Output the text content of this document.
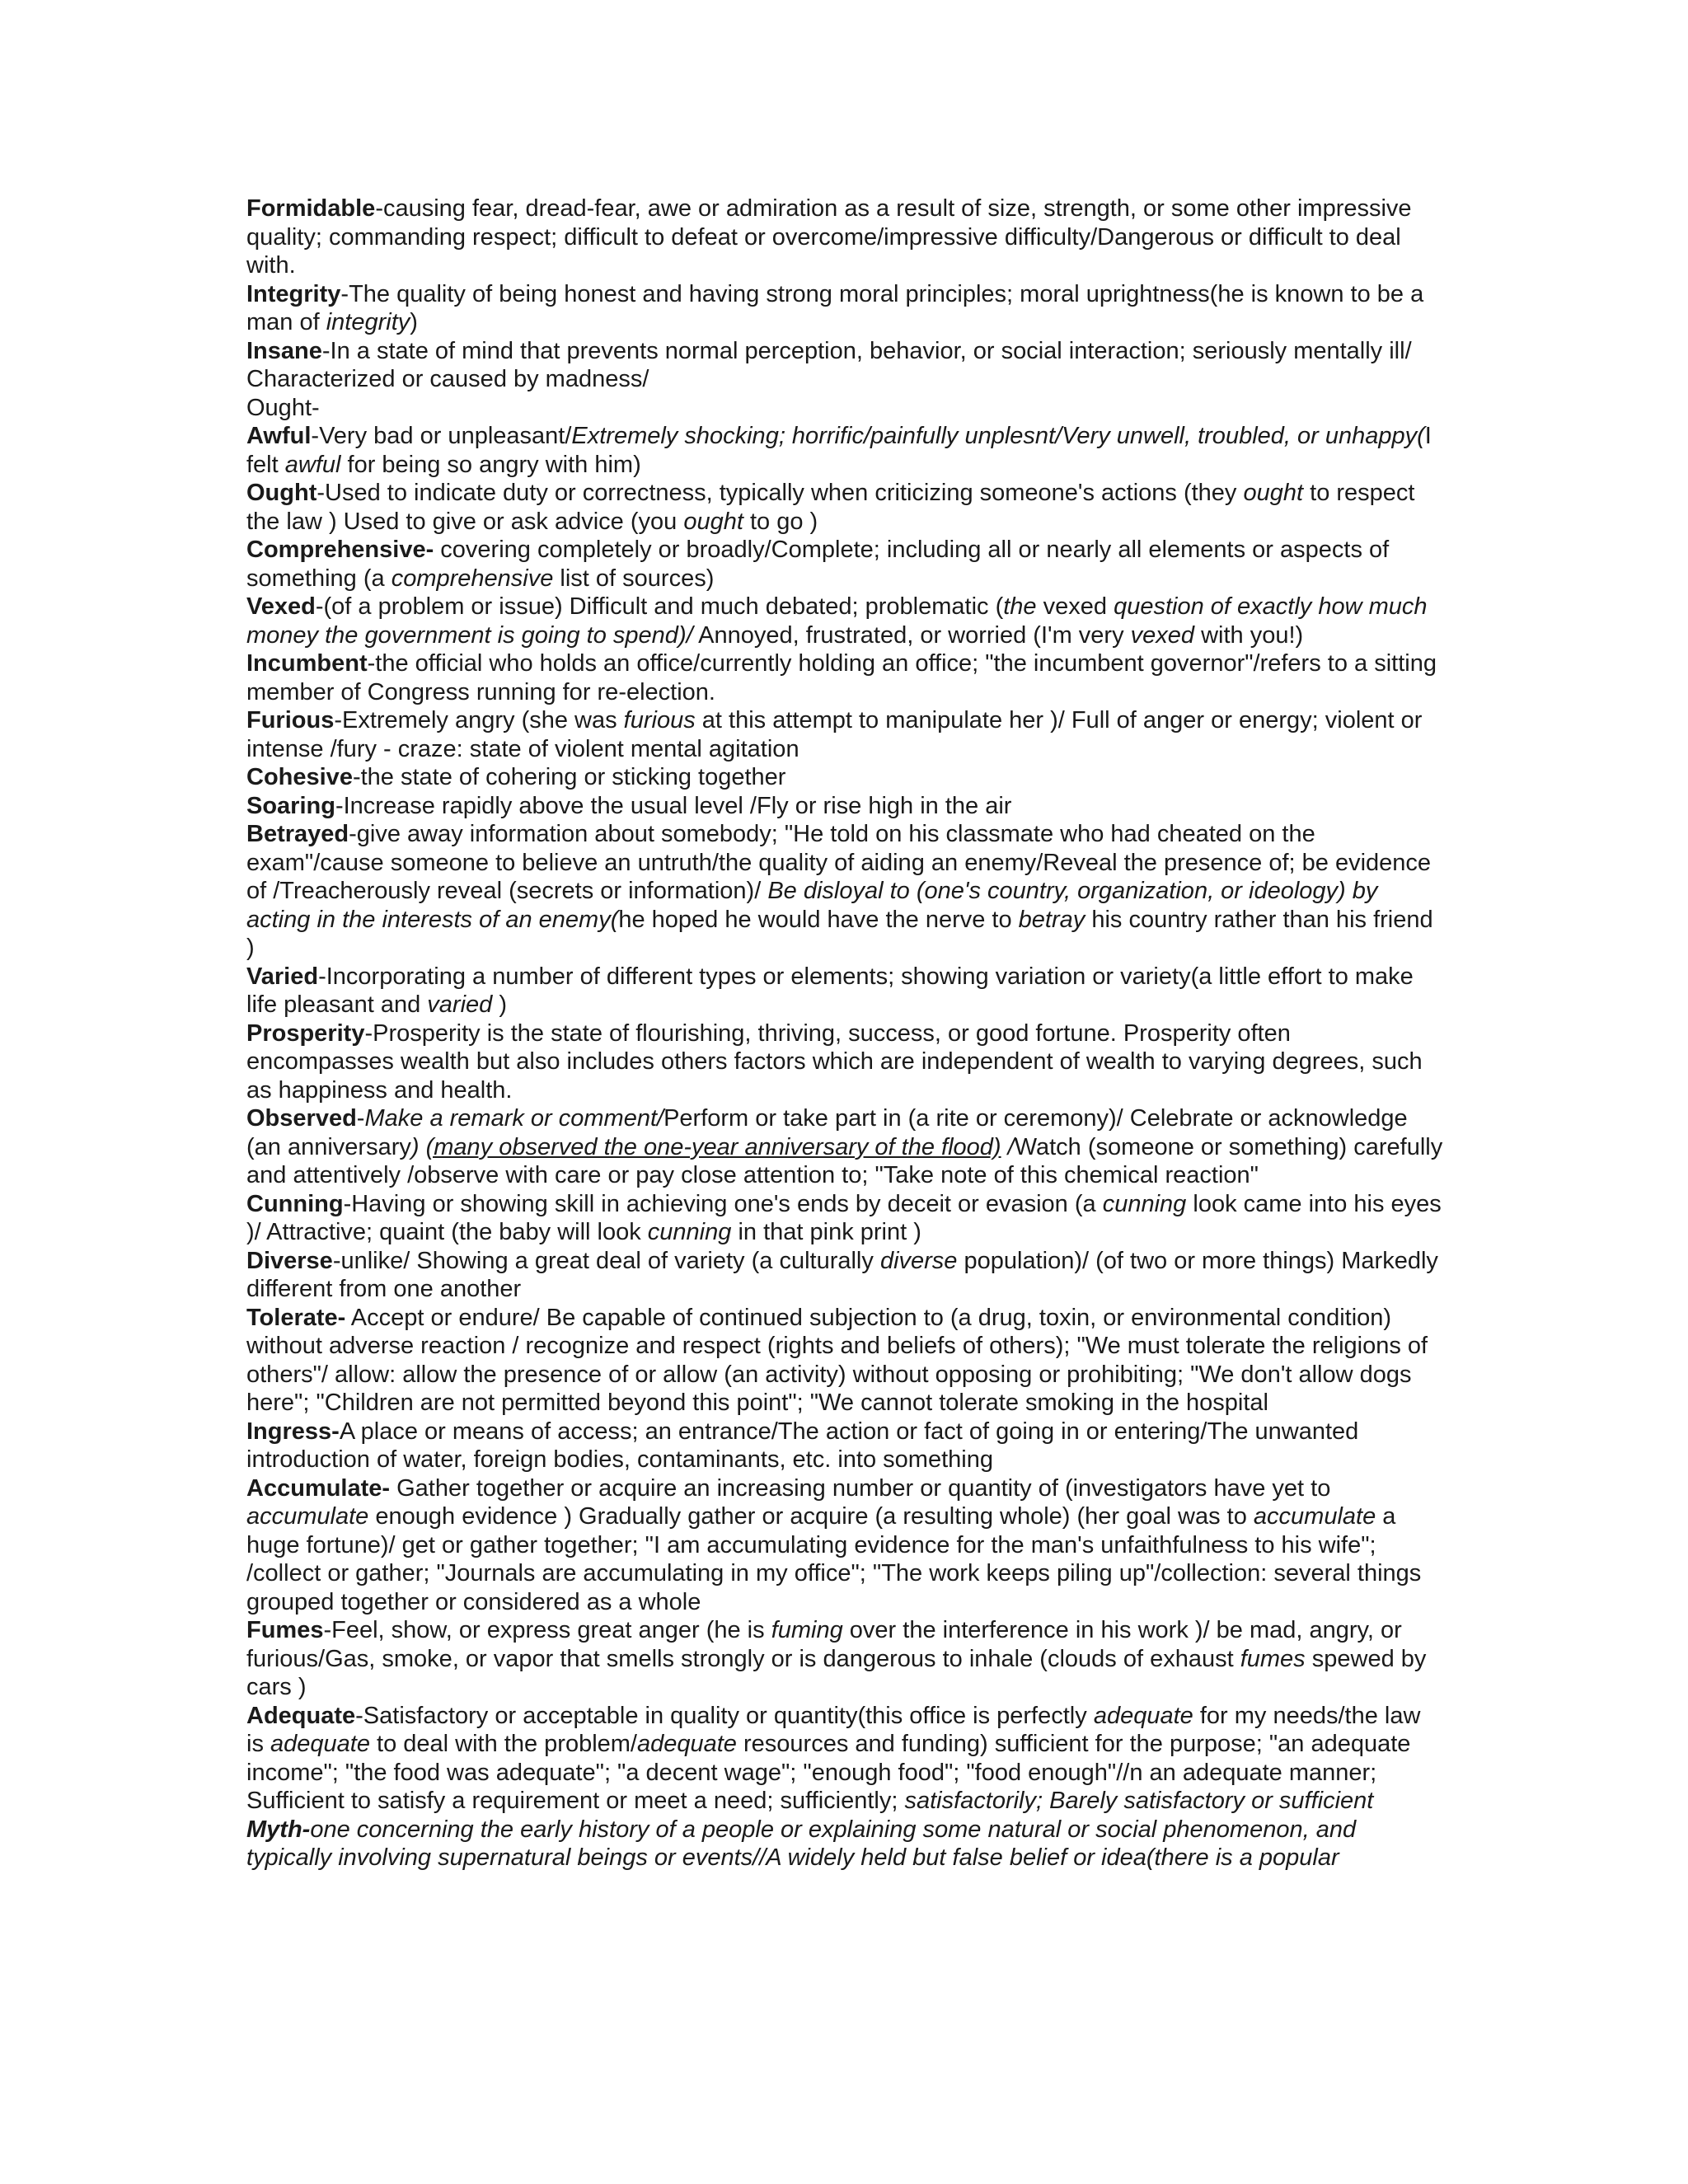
Formidable-causing fear, dread-fear, awe or admiration as a result of size, strength, or some other impressive quality; commanding respect; difficult to defeat or overcome/impressive difficulty/Dangerous or difficult to deal with.
Integrity-The quality of being honest and having strong moral principles; moral uprightness(he is known to be a man of integrity)
Insane-In a state of mind that prevents normal perception, behavior, or social interaction; seriously mentally ill/ Characterized or caused by madness/
Ought-
Awful-Very bad or unpleasant/Extremely shocking; horrific/painfully unplesnt/Very unwell, troubled, or unhappy(I felt awful for being so angry with him)
Ought-Used to indicate duty or correctness, typically when criticizing someone's actions (they ought to respect the law ) Used to give or ask advice (you ought to go )
Comprehensive- covering completely or broadly/Complete; including all or nearly all elements or aspects of something (a comprehensive list of sources)
Vexed-(of a problem or issue) Difficult and much debated; problematic (the vexed question of exactly how much money the government is going to spend)/ Annoyed, frustrated, or worried (I'm very vexed with you!)
Incumbent-the official who holds an office/currently holding an office; "the incumbent governor"/refers to a sitting member of Congress running for re-election.
Furious-Extremely angry (she was furious at this attempt to manipulate her )/ Full of anger or energy; violent or intense /fury - craze: state of violent mental agitation
Cohesive-the state of cohering or sticking together
Soaring-Increase rapidly above the usual level /Fly or rise high in the air
Betrayed-give away information about somebody; "He told on his classmate who had cheated on the exam"/cause someone to believe an untruth/the quality of aiding an enemy/Reveal the presence of; be evidence of /Treacherously reveal (secrets or information)/ Be disloyal to (one's country, organization, or ideology) by acting in the interests of an enemy(he hoped he would have the nerve to betray his country rather than his friend )
Varied-Incorporating a number of different types or elements; showing variation or variety(a little effort to make life pleasant and varied )
Prosperity-Prosperity is the state of flourishing, thriving, success, or good fortune. Prosperity often encompasses wealth but also includes others factors which are independent of wealth to varying degrees, such as happiness and health.
Observed-Make a remark or comment/Perform or take part in (a rite or ceremony)/ Celebrate or acknowledge (an anniversary) (many observed the one-year anniversary of the flood) /Watch (someone or something) carefully and attentively /observe with care or pay close attention to; "Take note of this chemical reaction"
Cunning-Having or showing skill in achieving one's ends by deceit or evasion (a cunning look came into his eyes )/ Attractive; quaint (the baby will look cunning in that pink print )
Diverse-unlike/ Showing a great deal of variety (a culturally diverse population)/ (of two or more things) Markedly different from one another
Tolerate- Accept or endure/ Be capable of continued subjection to (a drug, toxin, or environmental condition) without adverse reaction / recognize and respect (rights and beliefs of others); "We must tolerate the religions of others"/ allow: allow the presence of or allow (an activity) without opposing or prohibiting; "We don't allow dogs here"; "Children are not permitted beyond this point"; "We cannot tolerate smoking in the hospital
Ingress-A place or means of access; an entrance/The action or fact of going in or entering/The unwanted introduction of water, foreign bodies, contaminants, etc. into something
Accumulate- Gather together or acquire an increasing number or quantity of (investigators have yet to accumulate enough evidence ) Gradually gather or acquire (a resulting whole) (her goal was to accumulate a huge fortune)/ get or gather together; "I am accumulating evidence for the man's unfaithfulness to his wife"; /collect or gather; "Journals are accumulating in my office"; "The work keeps piling up"/collection: several things grouped together or considered as a whole
Fumes-Feel, show, or express great anger (he is fuming over the interference in his work )/ be mad, angry, or furious/Gas, smoke, or vapor that smells strongly or is dangerous to inhale (clouds of exhaust fumes spewed by cars )
Adequate-Satisfactory or acceptable in quality or quantity(this office is perfectly adequate for my needs/the law is adequate to deal with the problem/adequate resources and funding) sufficient for the purpose; "an adequate income"; "the food was adequate"; "a decent wage"; "enough food"; "food enough"//n an adequate manner; Sufficient to satisfy a requirement or meet a need; sufficiently; satisfactorily; Barely satisfactory or sufficient
Myth-one concerning the early history of a people or explaining some natural or social phenomenon, and typically involving supernatural beings or events//A widely held but false belief or idea(there is a popular
